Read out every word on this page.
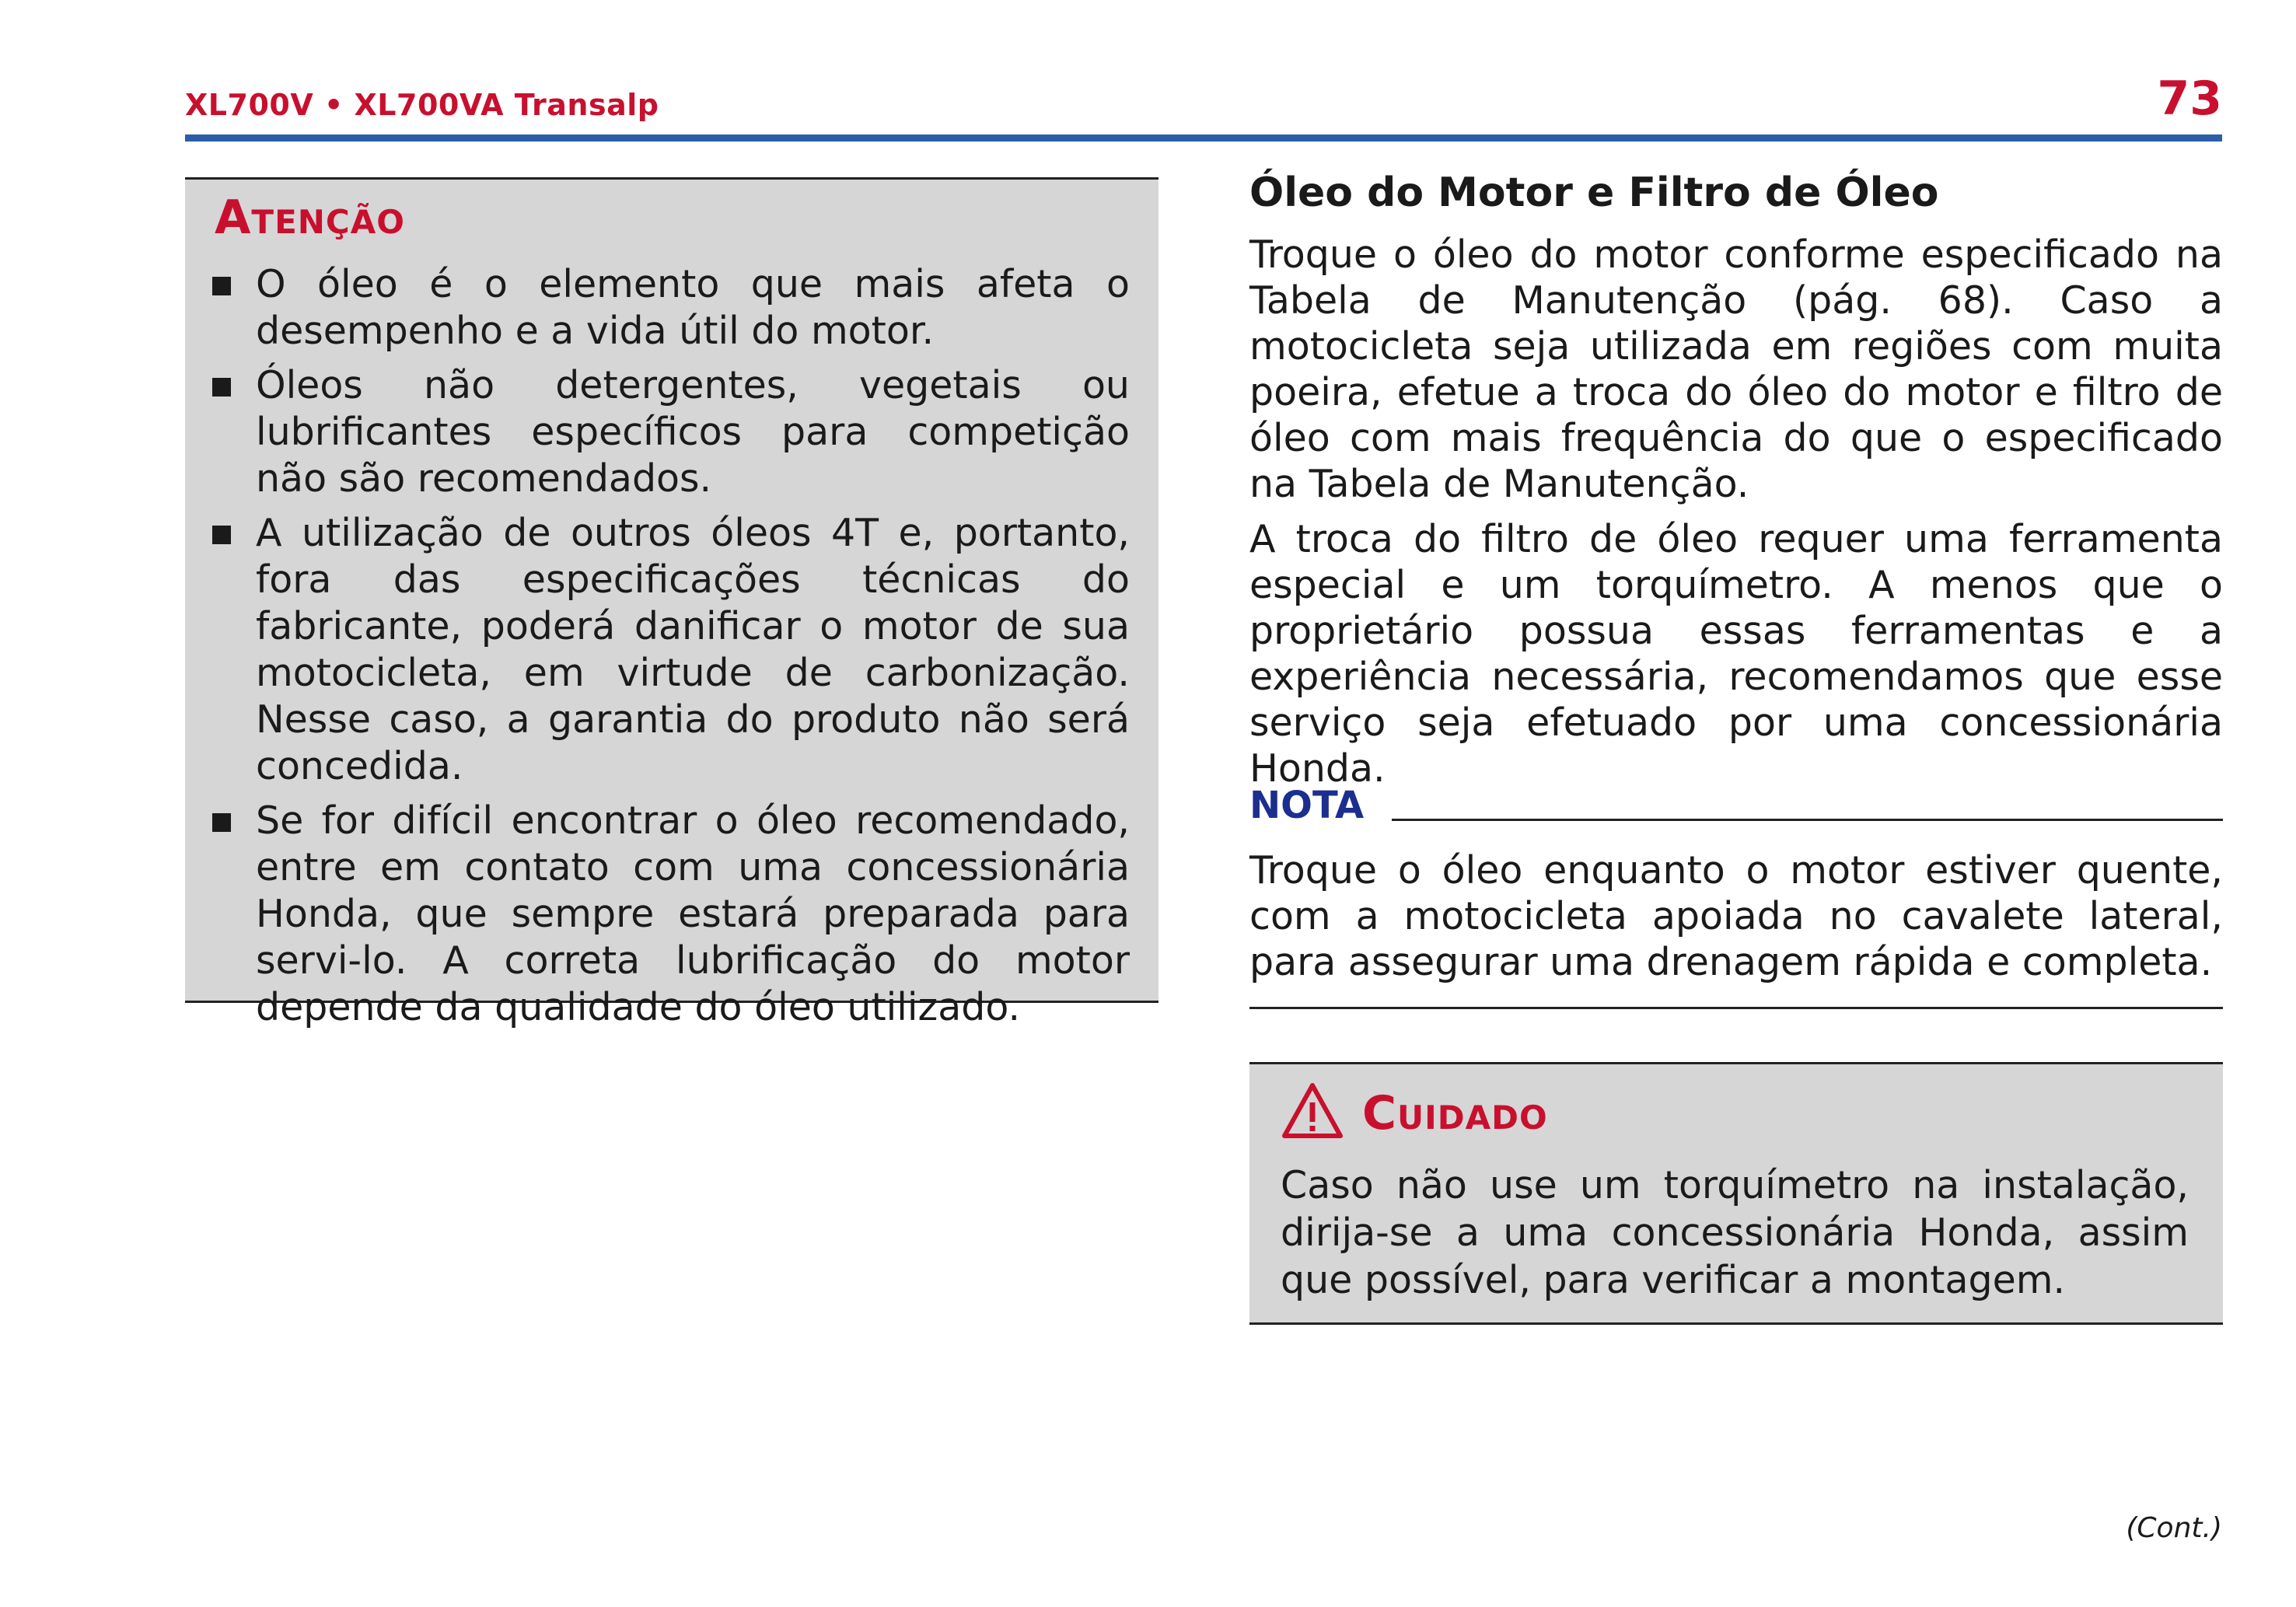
XL700V • XL700VA Transalp	73
Atenção
O óleo é o elemento que mais afeta o desempenho e a vida útil do motor.
Óleos não detergentes, vegetais ou lubrificantes específicos para competição não são recomendados.
A utilização de outros óleos 4T e, portanto, fora das especificações técnicas do fabricante, poderá danificar o motor de sua motocicleta, em virtude de carbonização. Nesse caso, a garantia do produto não será concedida.
Se for difícil encontrar o óleo recomendado, entre em contato com uma concessionária Honda, que sempre estará preparada para servi-lo. A correta lubrificação do motor depende da qualidade do óleo utilizado.
Óleo do Motor e Filtro de Óleo

Troque o óleo do motor conforme especificado na Tabela de Manutenção (pág. 68). Caso a motocicleta seja utilizada em regiões com muita poeira, efetue a troca do óleo do motor e filtro de óleo com mais frequência do que o especificado na Tabela de Manutenção.

A troca do filtro de óleo requer uma ferramenta especial e um torquímetro. A menos que o proprietário possua essas ferramentas e a experiência necessária, recomendamos que esse serviço seja efetuado por uma concessionária Honda.

NOTA

Troque o óleo enquanto o motor estiver quente, com a motocicleta apoiada no cavalete lateral, para assegurar uma drenagem rápida e completa.

Cuidado

Caso não use um torquímetro na instalação, dirija-se a uma concessionária Honda, assim que possível, para verificar a montagem.

(Cont.)
